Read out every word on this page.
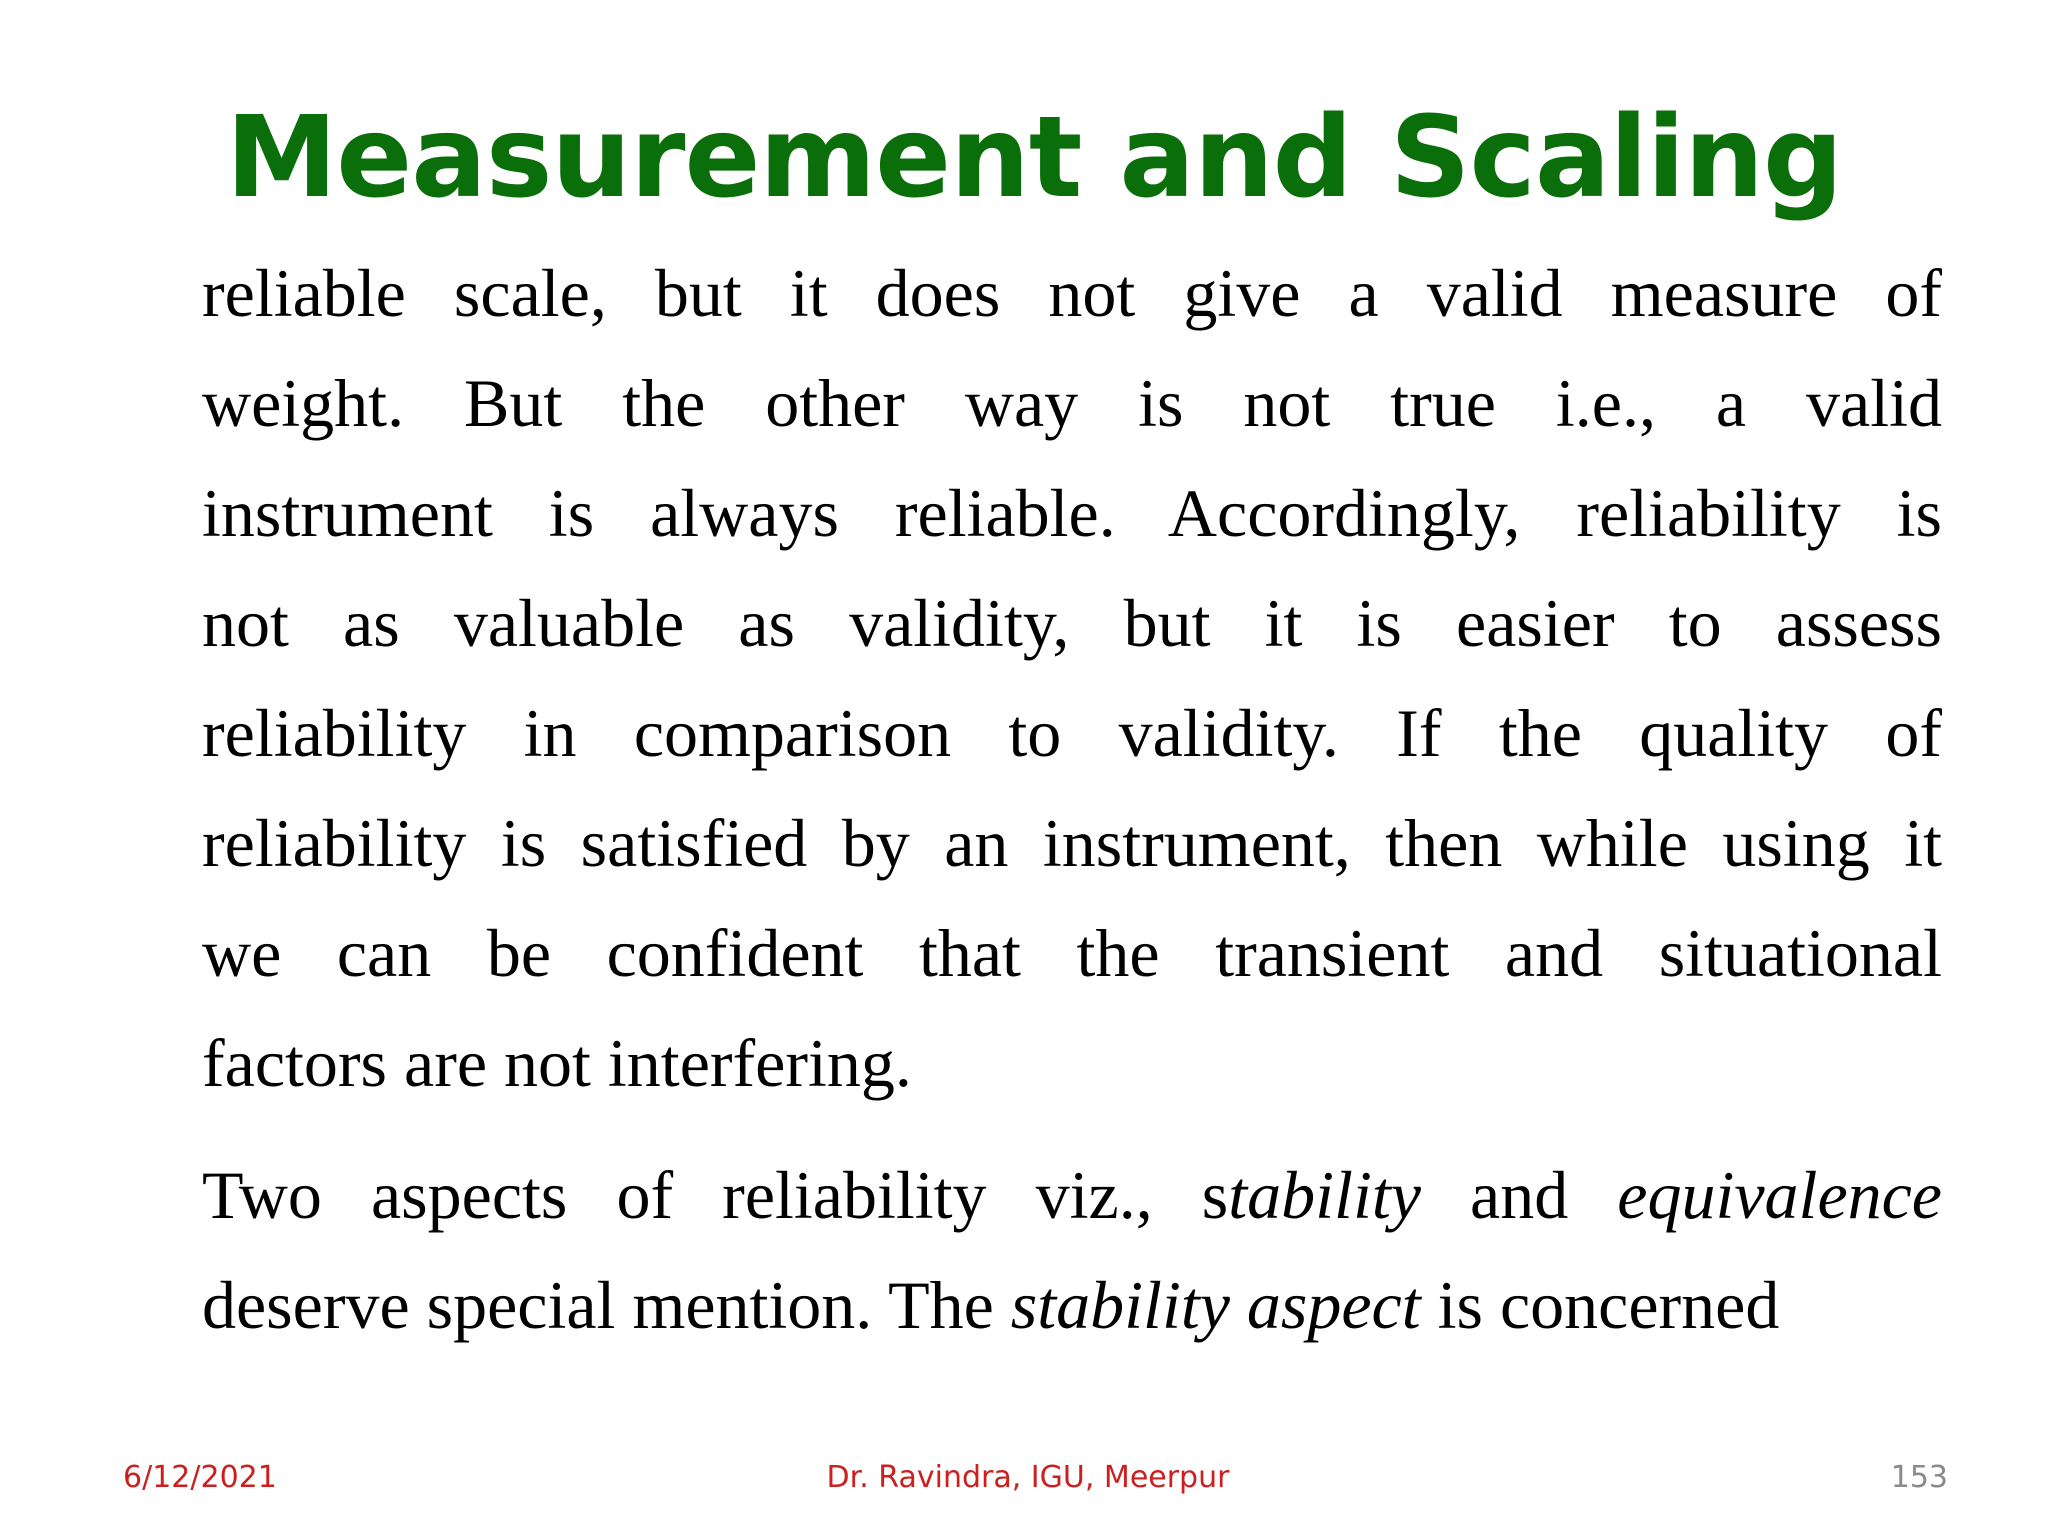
Measurement and Scaling

reliable scale, but it does not give a valid measure of
weight. But the other way is not true i.e., a valid
instrument is always reliable. Accordingly, reliability is
not as valuable as validity, but it is easier to assess
reliability in comparison to validity. If the quality of
reliability is satisfied by an instrument, then while using it
we can be confident that the transient and situational
factors are not interfering.

Two aspects of reliability viz., stability and equivalence
deserve special mention. The stability aspect is concerned

6/12/2021	Dr. Ravindra, IGU, Meerpur	153
